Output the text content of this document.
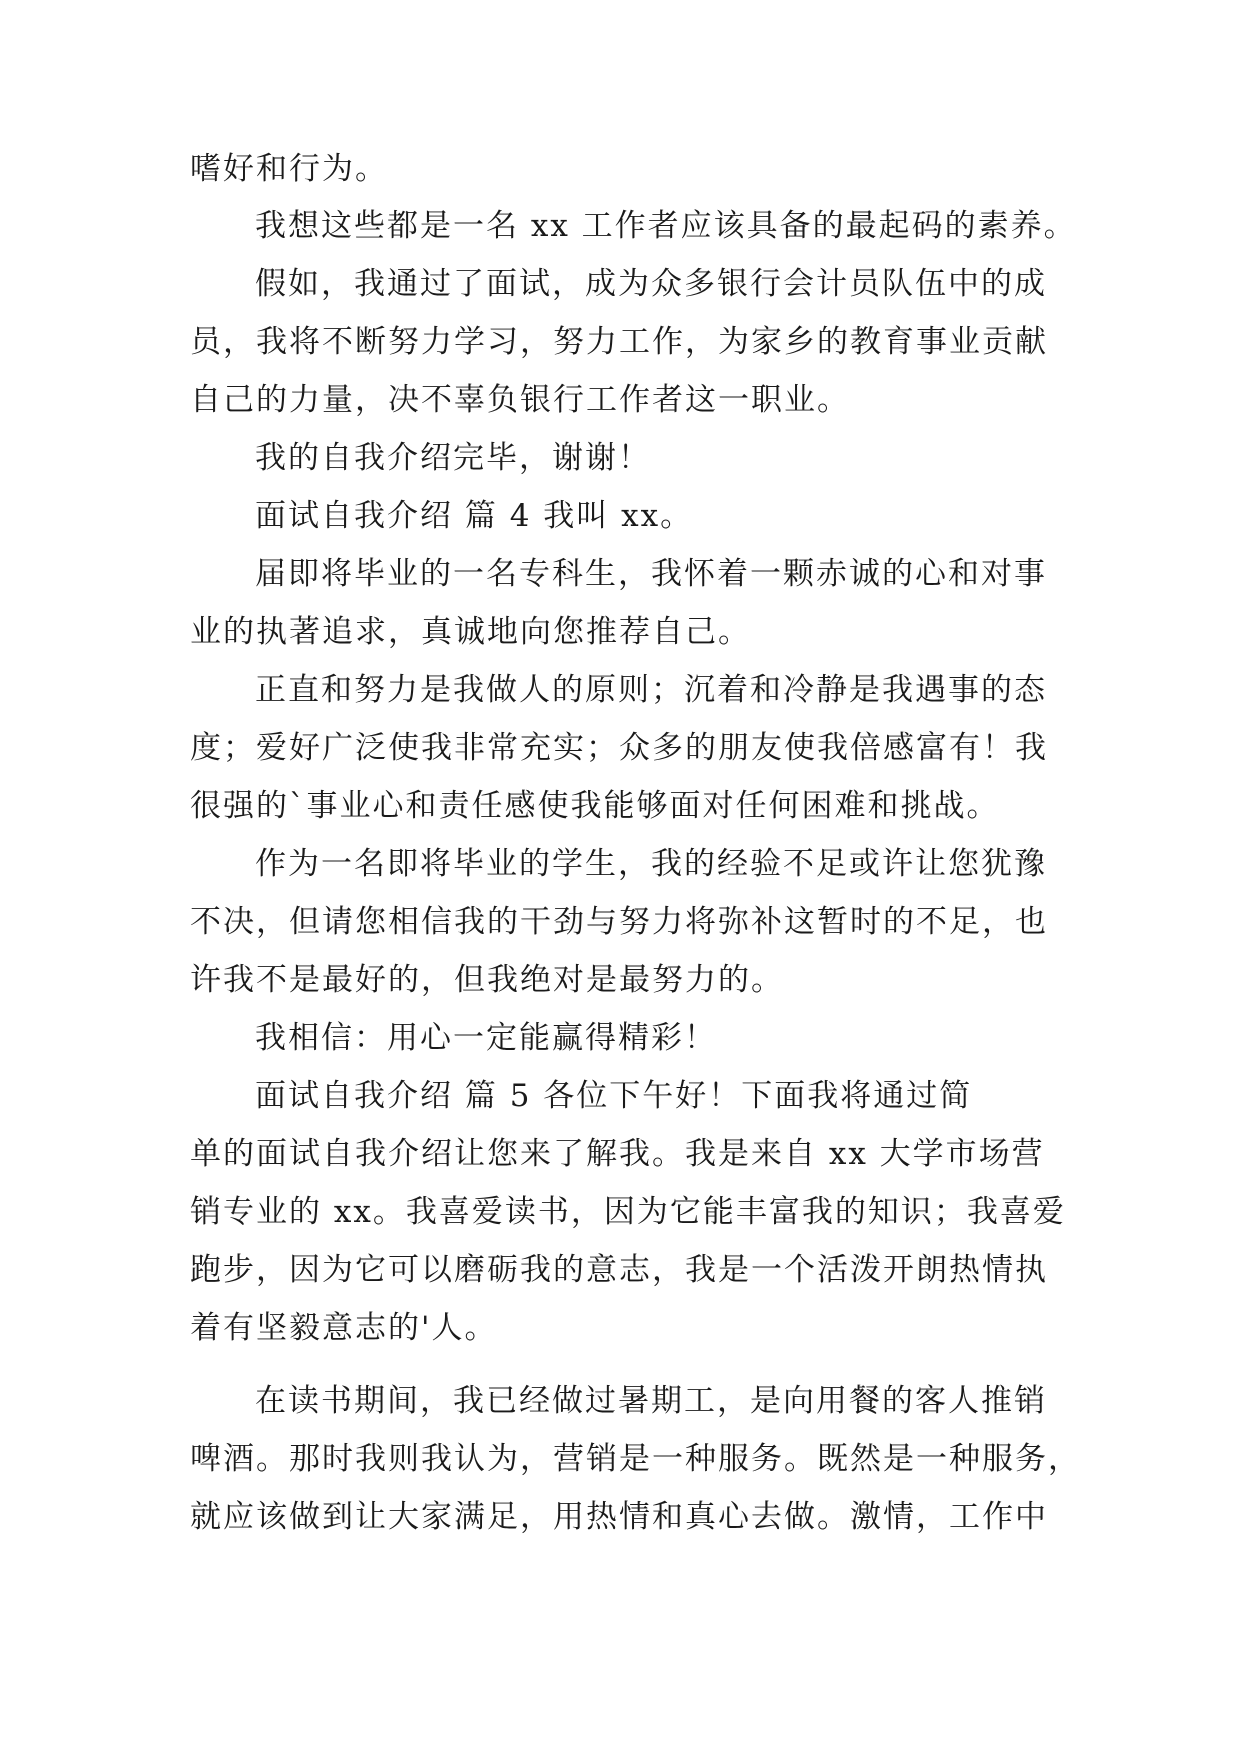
嗜好和行为。
我想这些都是一名 xx 工作者应该具备的最起码的素养。
假如，我通过了面试，成为众多银行会计员队伍中的成
员，我将不断努力学习，努力工作，为家乡的教育事业贡献
自己的力量，决不辜负银行工作者这一职业。
我的自我介绍完毕，谢谢！
面试自我介绍 篇 4 我叫 xx。
届即将毕业的一名专科生，我怀着一颗赤诚的心和对事
业的执著追求，真诚地向您推荐自己。
正直和努力是我做人的原则；沉着和冷静是我遇事的态
度；爱好广泛使我非常充实；众多的朋友使我倍感富有！我
很强的`事业心和责任感使我能够面对任何困难和挑战。
作为一名即将毕业的学生，我的经验不足或许让您犹豫
不决，但请您相信我的干劲与努力将弥补这暂时的不足，也
许我不是最好的，但我绝对是最努力的。
我相信：用心一定能赢得精彩！
面试自我介绍 篇 5 各位下午好！下面我将通过简
单的面试自我介绍让您来了解我。我是来自 xx 大学市场营
销专业的 xx。我喜爱读书，因为它能丰富我的知识；我喜爱
跑步，因为它可以磨砺我的意志，我是一个活泼开朗热情执
着有坚毅意志的'人。
在读书期间，我已经做过暑期工，是向用餐的客人推销
啤酒。那时我则我认为，营销是一种服务。既然是一种服务，
就应该做到让大家满足，用热情和真心去做。激情，工作中
